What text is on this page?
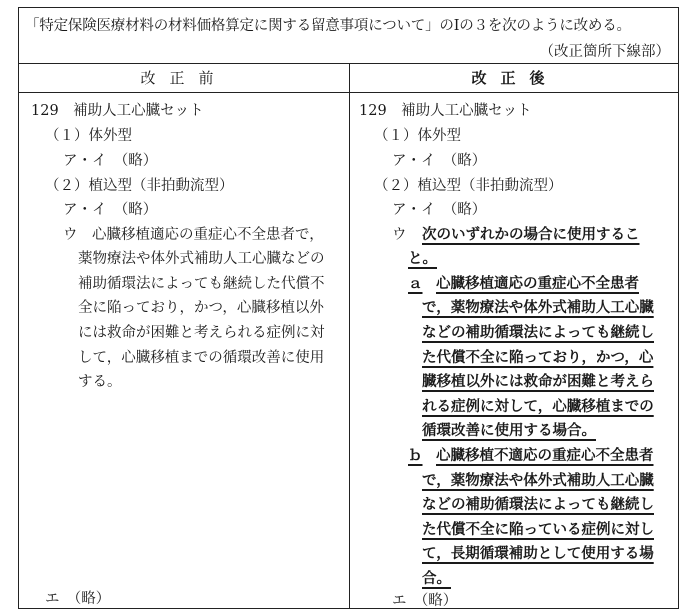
「特定保険医療材料の材料価格算定に関する留意事項について」のⅠの３を次のように改める。
（改正箇所下線部）
改正前	改正後
129　補助人工心臓セット
（１）体外型
ア・イ　（略）
（２）植込型（非拍動流型）
ア・イ　（略）
ウ　心臓移植適応の重症心不全患者で，
薬物療法や体外式補助人工心臓などの
補助循環法によっても継続した代償不
全に陥っており，かつ，心臓移植以外
には救命が困難と考えられる症例に対
して，心臓移植までの循環改善に使用
する。
エ　（略）
129　補助人工心臓セット
（１）体外型
ア・イ　（略）
（２）植込型（非拍動流型）
ア・イ　（略）
ウ 次のいずれかの場合に使用するこ
と。
ａ 心臓移植適応の重症心不全患者
で，薬物療法や体外式補助人工心臓
などの補助循環法によっても継続し
た代償不全に陥っており，かつ，心
臓移植以外には救命が困難と考えら
れる症例に対して，心臓移植までの
循環改善に使用する場合。
ｂ 心臓移植不適応の重症心不全患者
で，薬物療法や体外式補助人工心臓
などの補助循環法によっても継続し
た代償不全に陥っている症例に対し
て，長期循環補助として使用する場
合。
エ　（略）
